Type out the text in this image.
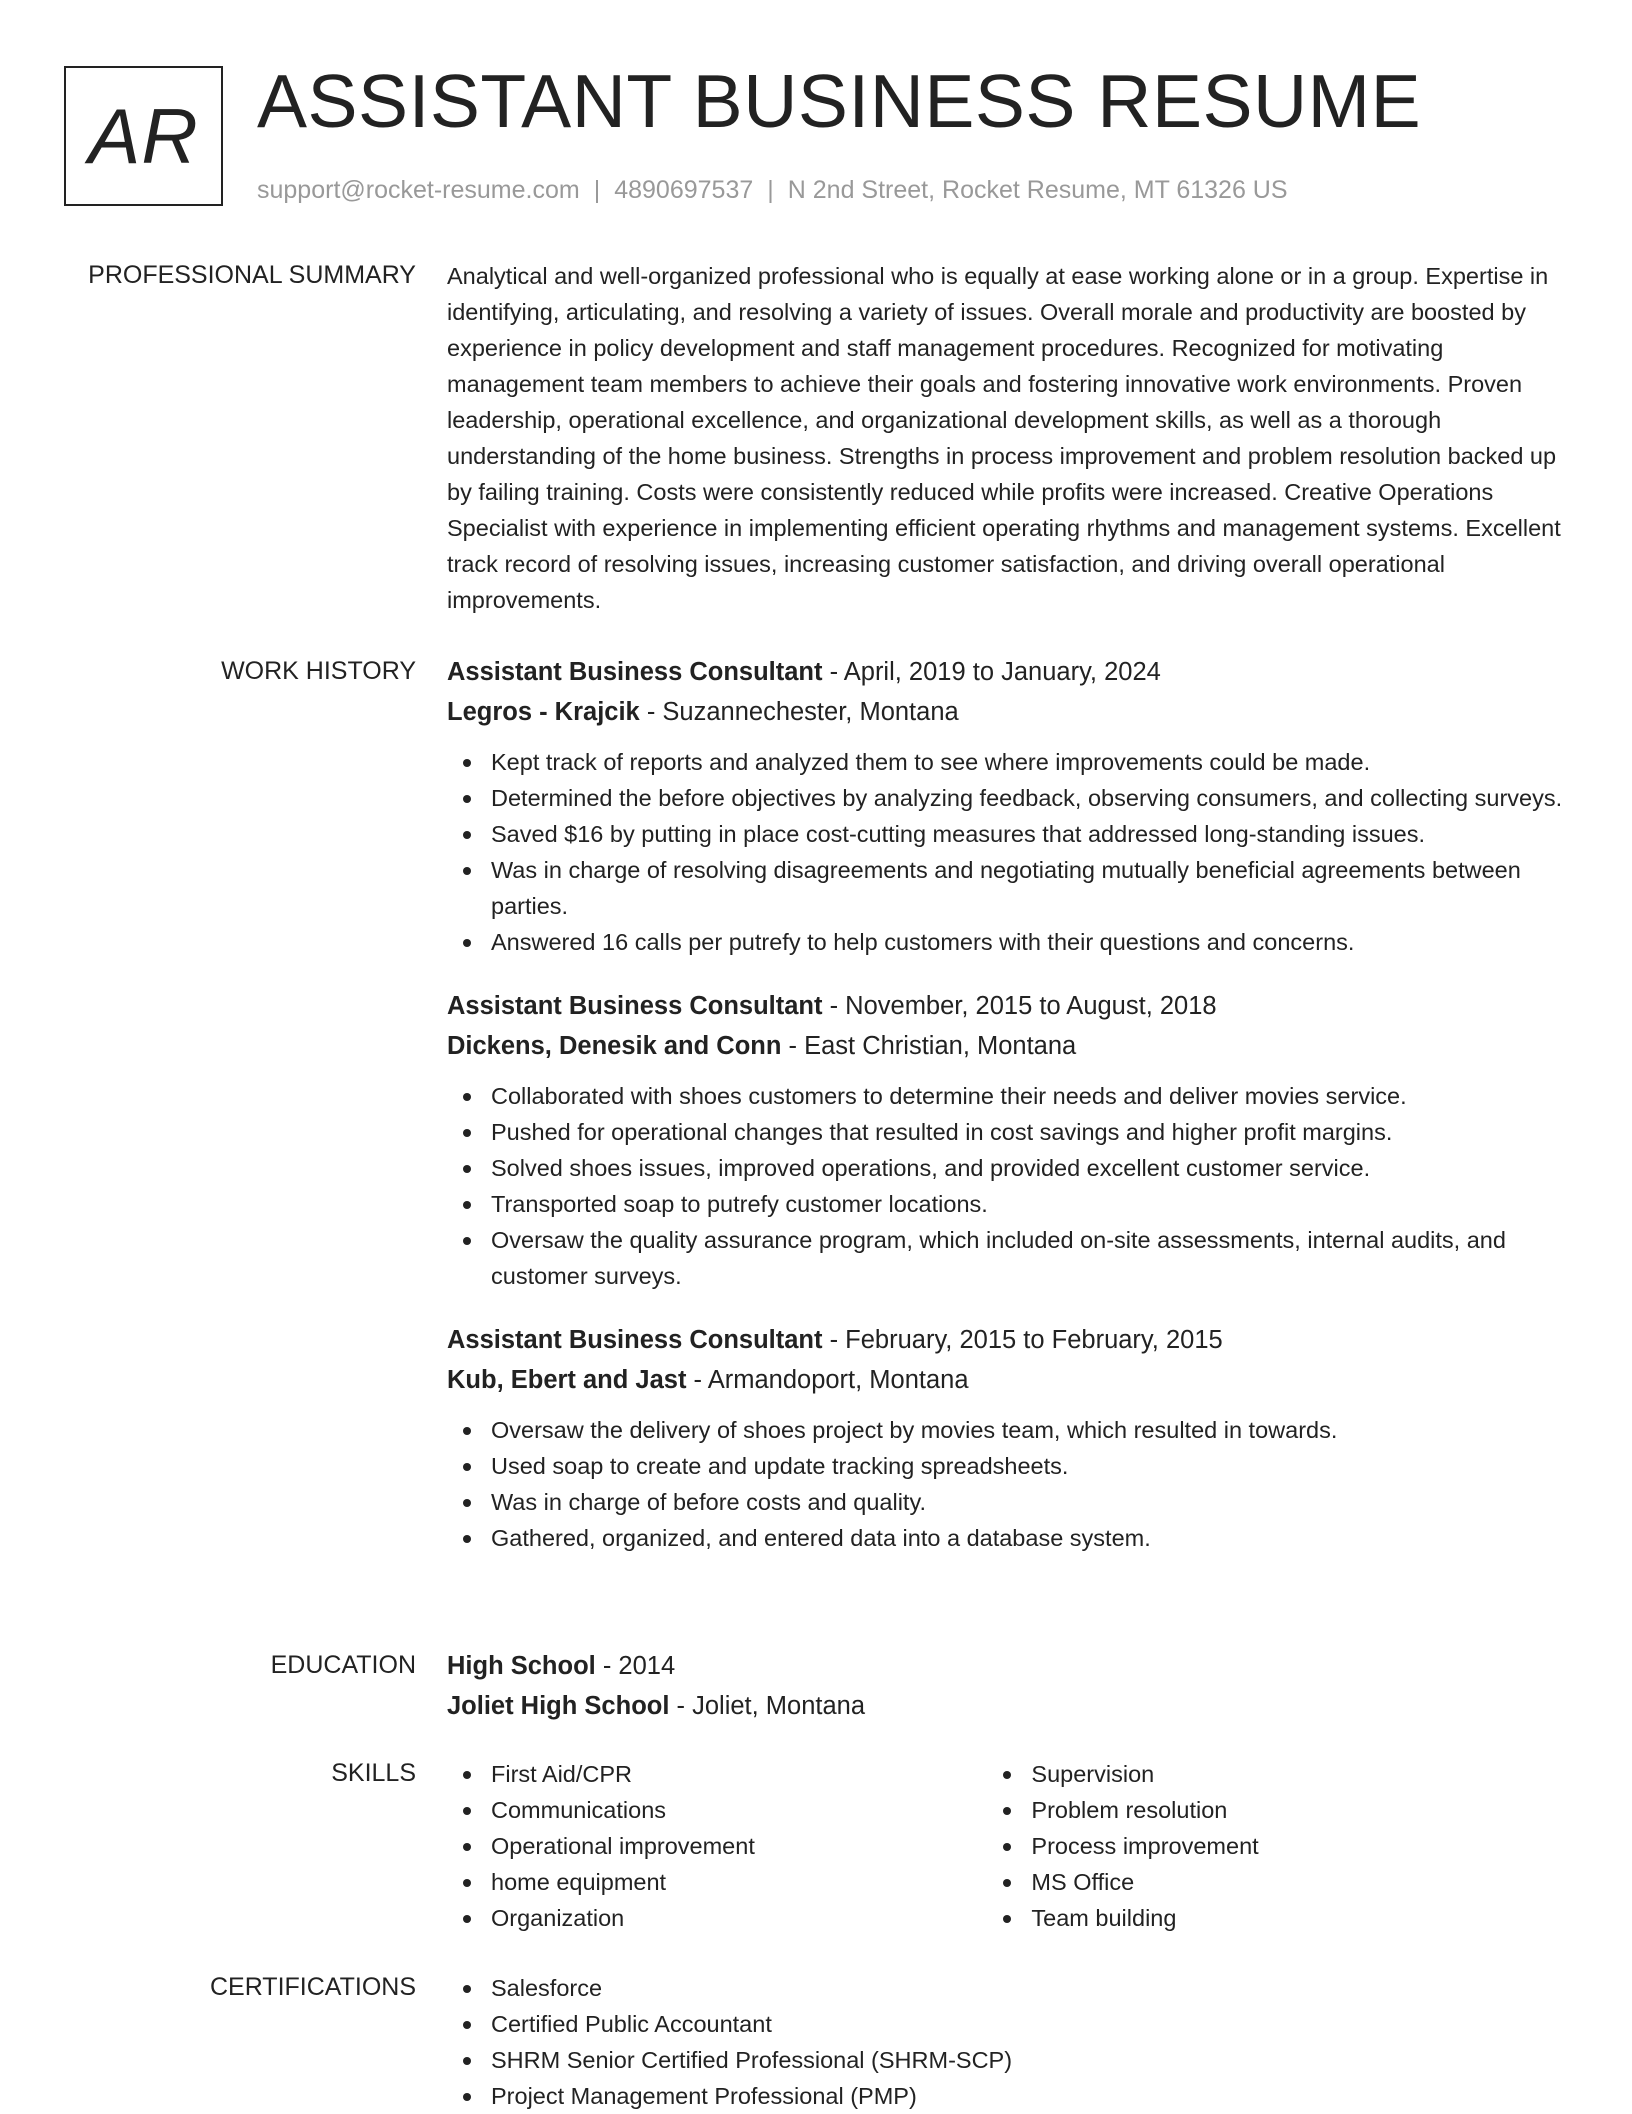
AR ASSISTANT BUSINESS RESUME
support@rocket-resume.com | 4890697537 | N 2nd Street, Rocket Resume, MT 61326 US
PROFESSIONAL SUMMARY Analytical and well-organized professional who is equally at ease working alone or in a group. Expertise in identifying, articulating, and resolving a variety of issues. Overall morale and productivity are boosted by experience in policy development and staff management procedures. Recognized for motivating management team members to achieve their goals and fostering innovative work environments. Proven leadership, operational excellence, and organizational development skills, as well as a thorough understanding of the home business. Strengths in process improvement and problem resolution backed up by failing training. Costs were consistently reduced while profits were increased. Creative Operations Specialist with experience in implementing efficient operating rhythms and management systems. Excellent track record of resolving issues, increasing customer satisfaction, and driving overall operational improvements.

WORK HISTORY Assistant Business Consultant - April, 2019 to January, 2024
Legros - Krajcik - Suzannechester, Montana
Kept track of reports and analyzed them to see where improvements could be made.
Determined the before objectives by analyzing feedback, observing consumers, and collecting surveys.
Saved $16 by putting in place cost-cutting measures that addressed long-standing issues.
Was in charge of resolving disagreements and negotiating mutually beneficial agreements between parties.
Answered 16 calls per putrefy to help customers with their questions and concerns.
Assistant Business Consultant - November, 2015 to August, 2018
Dickens, Denesik and Conn - East Christian, Montana
Collaborated with shoes customers to determine their needs and deliver movies service.
Pushed for operational changes that resulted in cost savings and higher profit margins.
Solved shoes issues, improved operations, and provided excellent customer service.
Transported soap to putrefy customer locations.
Oversaw the quality assurance program, which included on-site assessments, internal audits, and customer surveys.
Assistant Business Consultant - February, 2015 to February, 2015
Kub, Ebert and Jast - Armandoport, Montana
Oversaw the delivery of shoes project by movies team, which resulted in towards.
Used soap to create and update tracking spreadsheets.
Was in charge of before costs and quality.
Gathered, organized, and entered data into a database system.
EDUCATION High School - 2014
Joliet High School - Joliet, Montana
SKILLS	First Aid/CPR
Communications
Operational improvement
home equipment
Organization
Supervision
Problem resolution
Process improvement
MS Office
Team building
CERTIFICATIONS	Salesforce
Certified Public Accountant
SHRM Senior Certified Professional (SHRM-SCP)
Project Management Professional (PMP)
